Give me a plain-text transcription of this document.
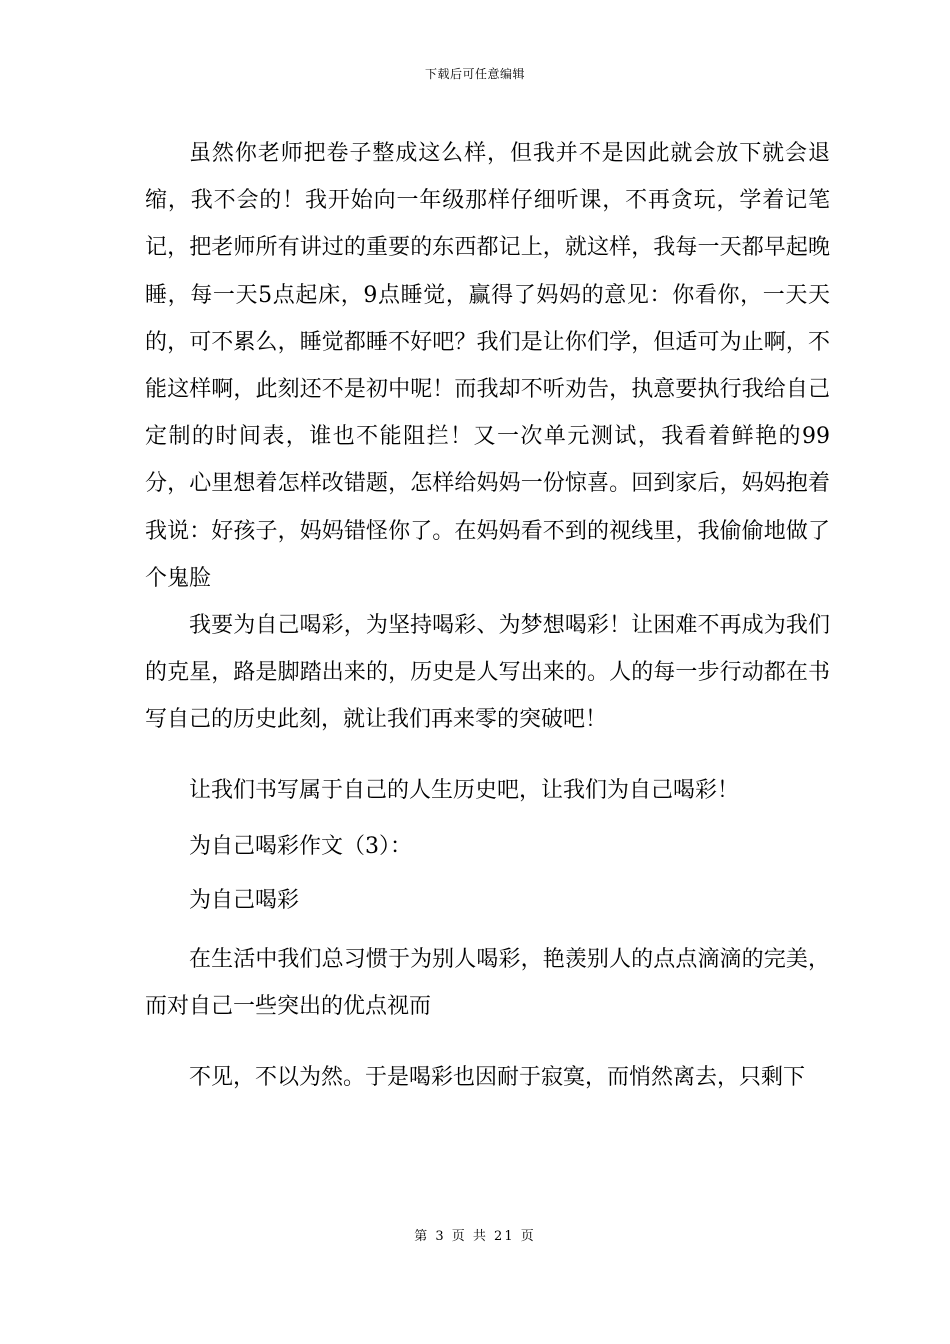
下载后可任意编辑

虽然你老师把卷子整成这么样，但我并不是因此就会放下就会退缩，我不会的！我开始向一年级那样仔细听课，不再贪玩，学着记笔记，把老师所有讲过的重要的东西都记上，就这样，我每一天都早起晚睡，每一天5点起床，9点睡觉，赢得了妈妈的意见：你看你，一天天的，可不累么，睡觉都睡不好吧？我们是让你们学，但适可为止啊，不能这样啊，此刻还不是初中呢！而我却不听劝告，执意要执行我给自己定制的时间表，谁也不能阻拦！又一次单元测试，我看着鲜艳的99分，心里想着怎样改错题，怎样给妈妈一份惊喜。回到家后，妈妈抱着我说：好孩子，妈妈错怪你了。在妈妈看不到的视线里，我偷偷地做了个鬼脸

我要为自己喝彩，为坚持喝彩、为梦想喝彩！让困难不再成为我们的克星，路是脚踏出来的，历史是人写出来的。人的每一步行动都在书写自己的历史此刻，就让我们再来零的突破吧！

让我们书写属于自己的人生历史吧，让我们为自己喝彩！

为自己喝彩作文（3）：

为自己喝彩

在生活中我们总习惯于为别人喝彩，艳羡别人的点点滴滴的完美，而对自己一些突出的优点视而

不见，不以为然。于是喝彩也因耐于寂寞，而悄然离去，只剩下

第 3 页 共 21 页
